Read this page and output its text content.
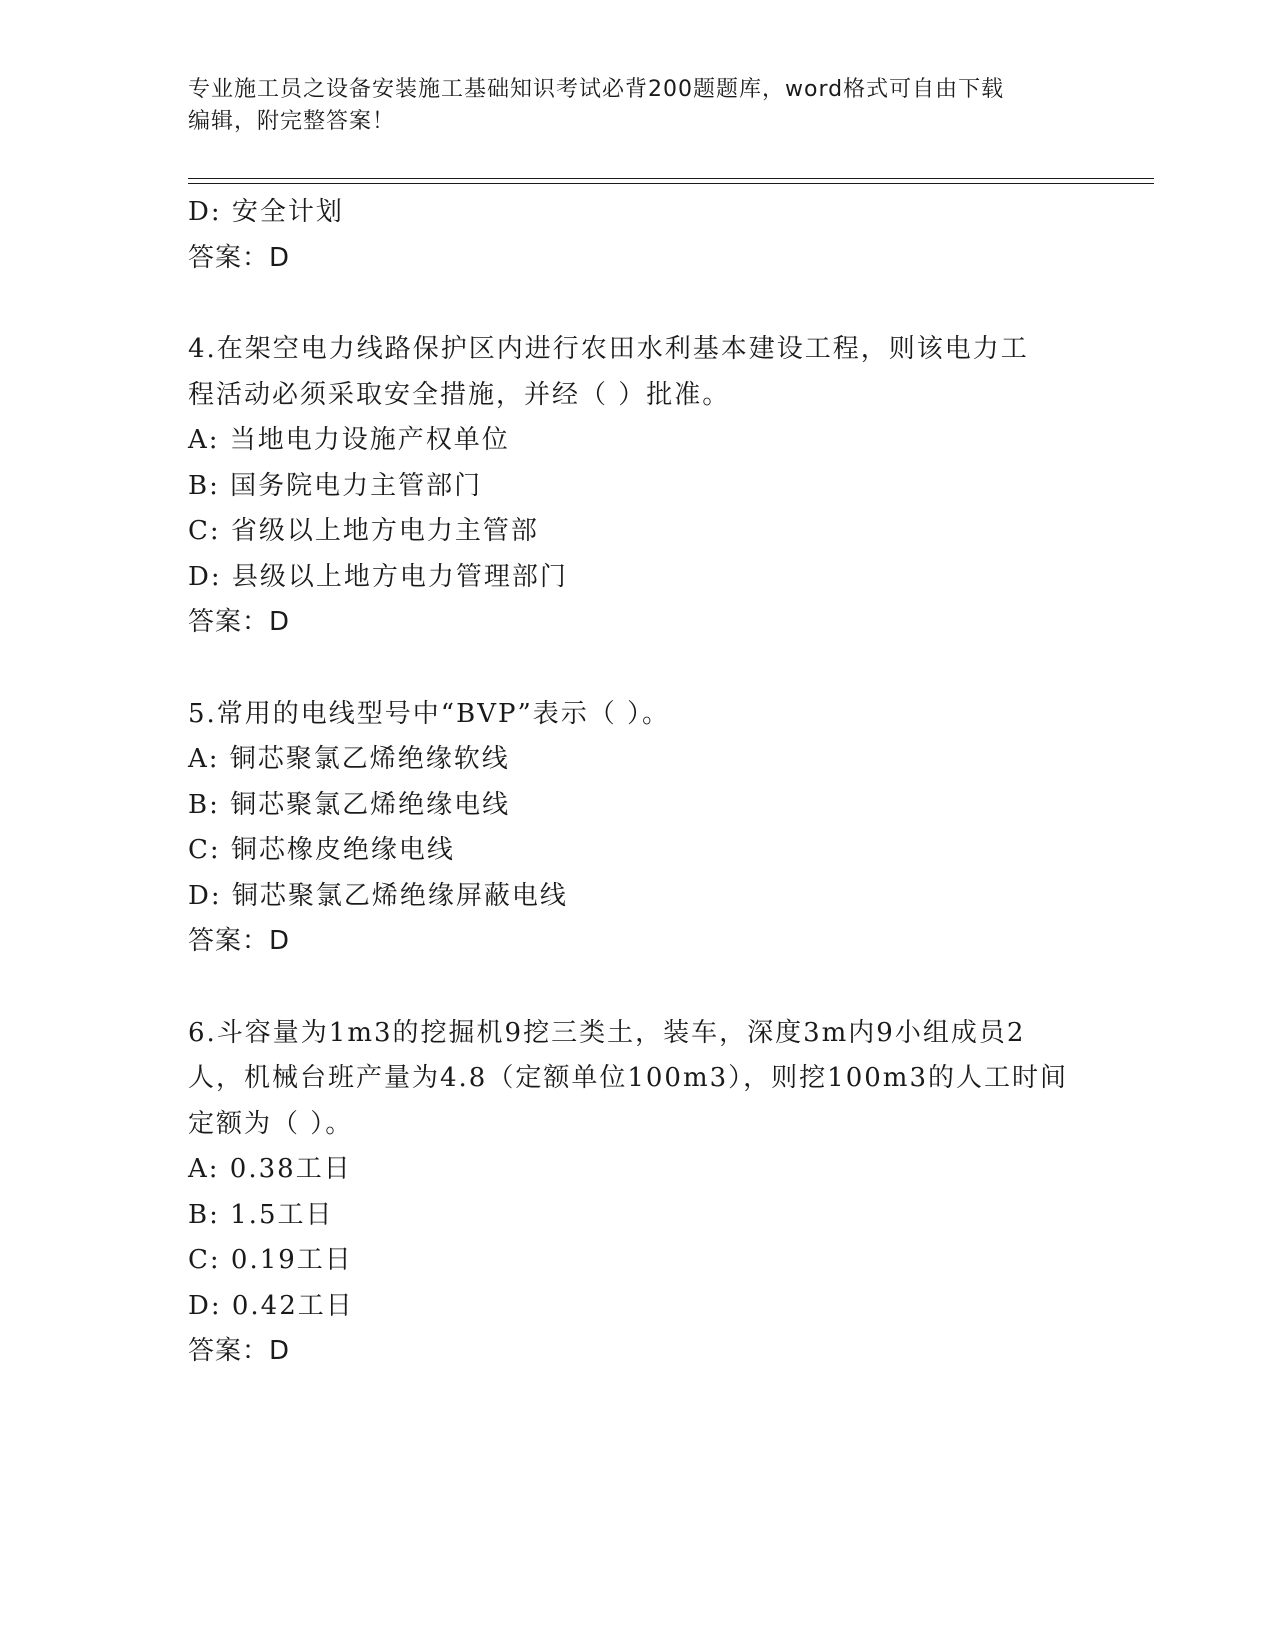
专业施工员之设备安装施工基础知识考试必背200题题库，word格式可自由下载
编辑，附完整答案！
D: 安全计划
答案：D
4.在架空电力线路保护区内进行农田水利基本建设工程，则该电力工
程活动必须采取安全措施，并经（ ）批准。
A: 当地电力设施产权单位
B: 国务院电力主管部门
C: 省级以上地方电力主管部
D: 县级以上地方电力管理部门
答案：D
5.常用的电线型号中“BVP”表示（ ）。
A: 铜芯聚氯乙烯绝缘软线
B: 铜芯聚氯乙烯绝缘电线
C: 铜芯橡皮绝缘电线
D: 铜芯聚氯乙烯绝缘屏蔽电线
答案：D
6.斗容量为1m3的挖掘机9挖三类土，装车，深度3m内9小组成员2
人，机械台班产量为4.8（定额单位100m3），则挖100m3的人工时间
定额为（ ）。
A: 0.38工日
B: 1.5工日
C: 0.19工日
D: 0.42工日
答案：D
